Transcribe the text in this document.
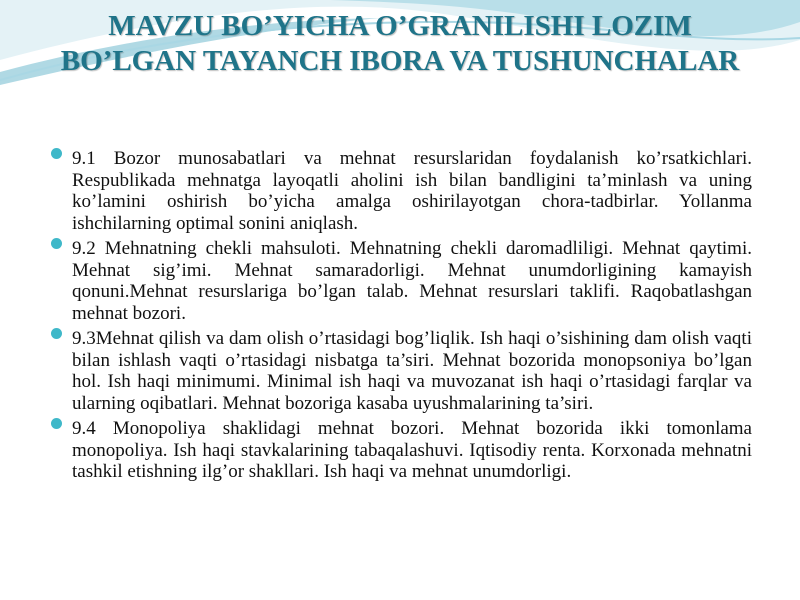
MAVZU BO’YICHA O’GRANILISHI LOZIM BO’LGAN TAYANCH IBORA VA TUSHUNCHALAR
9.1 Bozor munosabatlari va mehnat resurslaridan foydalanish ko’rsatkichlari. Respublikada mehnatga layoqatli aholini ish bilan bandligini ta’minlash va uning ko’lamini oshirish bo’yicha amalga oshirilayotgan chora-tadbirlar. Yollanma ishchilarning optimal sonini aniqlash.
9.2 Mehnatning chekli mahsuloti. Mehnatning chekli daromadliligi. Mehnat qaytimi. Mehnat sig’imi. Mehnat samaradorligi. Mehnat unumdorligining kamayish qonuni.Mehnat resurslariga bo’lgan talab. Mehnat resurslari taklifi. Raqobatlashgan mehnat bozori.
9.3Mehnat qilish va dam olish o’rtasidagi bog’liqlik. Ish haqi o’sishining dam olish vaqti bilan ishlash vaqti o’rtasidagi nisbatga ta’siri. Mehnat bozorida monopsoniya bo’lgan hol. Ish haqi minimumi. Minimal ish haqi va muvozanat ish haqi o’rtasidagi farqlar va ularning oqibatlari. Mehnat bozoriga kasaba uyushmalarining ta’siri.
9.4 Monopoliya shaklidagi mehnat bozori. Mehnat bozorida ikki tomonlama monopoliya. Ish haqi stavkalarining tabaqalashuvi. Iqtisodiy renta. Korxonada mehnatni tashkil etishning ilg’or shakllari. Ish haqi va mehnat unumdorligi.
